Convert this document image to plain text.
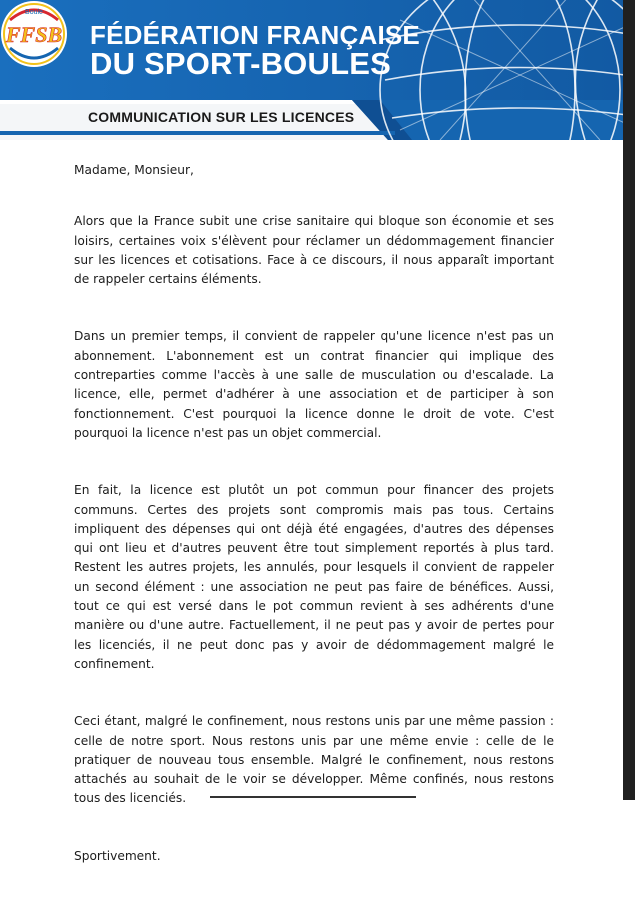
Boule
FFSB FÉDÉRATION FRANÇAISE
DU SPORT-BOULES
COMMUNICATION SUR LES LICENCES

Madame, Monsieur,

Alors que la France subit une crise sanitaire qui bloque son économie et ses loisirs, certaines voix s'élèvent pour réclamer un dédommagement financier sur les licences et cotisations. Face à ce discours, il nous apparaît important de rappeler certains éléments.

Dans un premier temps, il convient de rappeler qu'une licence n'est pas un abonnement. L'abonnement est un contrat financier qui implique des contreparties comme l'accès à une salle de musculation ou d'escalade. La licence, elle, permet d'adhérer à une association et de participer à son fonctionnement. C'est pourquoi la licence donne le droit de vote. C'est pourquoi la licence n'est pas un objet commercial.

En fait, la licence est plutôt un pot commun pour financer des projets communs. Certes des projets sont compromis mais pas tous. Certains impliquent des dépenses qui ont déjà été engagées, d'autres des dépenses qui ont lieu et d'autres peuvent être tout simplement reportés à plus tard. Restent les autres projets, les annulés, pour lesquels il convient de rappeler un second élément : une association ne peut pas faire de bénéfices. Aussi, tout ce qui est versé dans le pot commun revient à ses adhérents d'une manière ou d'une autre. Factuellement, il ne peut pas y avoir de pertes pour les licenciés, il ne peut donc pas y avoir de dédommagement malgré le confinement.

Ceci étant, malgré le confinement, nous restons unis par une même passion : celle de notre sport. Nous restons unis par une même envie : celle de le pratiquer de nouveau tous ensemble. Malgré le confinement, nous restons attachés au souhait de le voir se développer. Même confinés, nous restons tous des licenciés.

Sportivement.
